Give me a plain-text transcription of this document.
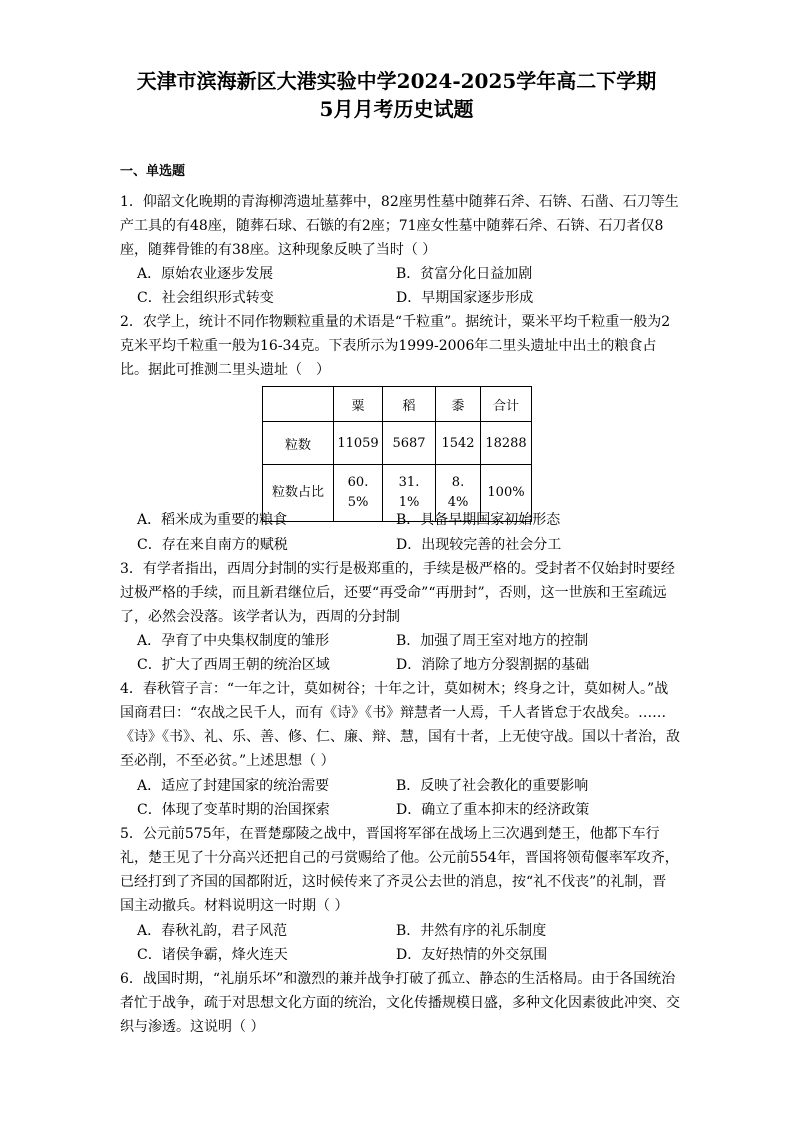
天津市滨海新区大港实验中学2024-2025学年高二下学期
5月月考历史试题
一、单选题
1．仰韶文化晚期的青海柳湾遗址墓葬中，82座男性墓中随葬石斧、石锛、石凿、石刀等生产工具的有48座，随葬石球、石镞的有2座；71座女性墓中随葬石斧、石锛、石刀者仅8座，随葬骨锥的有38座。这种现象反映了当时（ ）
A．原始农业逐步发展	B．贫富分化日益加剧
C．社会组织形式转变	D．早期国家逐步形成
2．农学上，统计不同作物颗粒重量的术语是“千粒重”。据统计，粟米平均千粒重一般为2克米平均千粒重一般为16-34克。下表所示为1999-2006年二里头遗址中出土的粮食占比。据此可推测二里头遗址（　）
	粟	稻	黍	合计
粒数	11059	5687	1542	18288
粒数占比	60.5%	31.1%	8.4%	100%
A．稻米成为重要的粮食	B．具备早期国家初始形态
C．存在来自南方的赋税	D．出现较完善的社会分工
3．有学者指出，西周分封制的实行是极郑重的，手续是极严格的。受封者不仅始封时要经过极严格的手续，而且新君继位后，还要“再受命”“再册封”，否则，这一世族和王室疏远了，必然会没落。该学者认为，西周的分封制
A．孕育了中央集权制度的雏形	B．加强了周王室对地方的控制
C．扩大了西周王朝的统治区域	D．消除了地方分裂割据的基础
4．春秋管子言：“一年之计，莫如树谷；十年之计，莫如树木；终身之计，莫如树人。”战国商君曰：“农战之民千人，而有《诗》《书》辩慧者一人焉，千人者皆怠于农战矣。……《诗》《书》、礼、乐、善、修、仁、廉、辩、慧，国有十者，上无使守战。国以十者治，敌至必削，不至必贫。”上述思想（ ）
A．适应了封建国家的统治需要	B．反映了社会教化的重要影响
C．体现了变革时期的治国探索	D．确立了重本抑末的经济政策
5．公元前575年，在晋楚鄢陵之战中，晋国将军郤在战场上三次遇到楚王，他都下车行礼，楚王见了十分高兴还把自己的弓赏赐给了他。公元前554年，晋国将领荀偃率军攻齐，已经打到了齐国的国都附近，这时候传来了齐灵公去世的消息，按“礼不伐丧”的礼制，晋国主动撤兵。材料说明这一时期（ ）
A．春秋礼韵，君子风范	B．井然有序的礼乐制度
C．诸侯争霸，烽火连天	D．友好热情的外交氛围
6．战国时期，“礼崩乐坏”和激烈的兼并战争打破了孤立、静态的生活格局。由于各国统治者忙于战争，疏于对思想文化方面的统治，文化传播规模日盛，多种文化因素彼此冲突、交织与渗透。这说明（ ）
